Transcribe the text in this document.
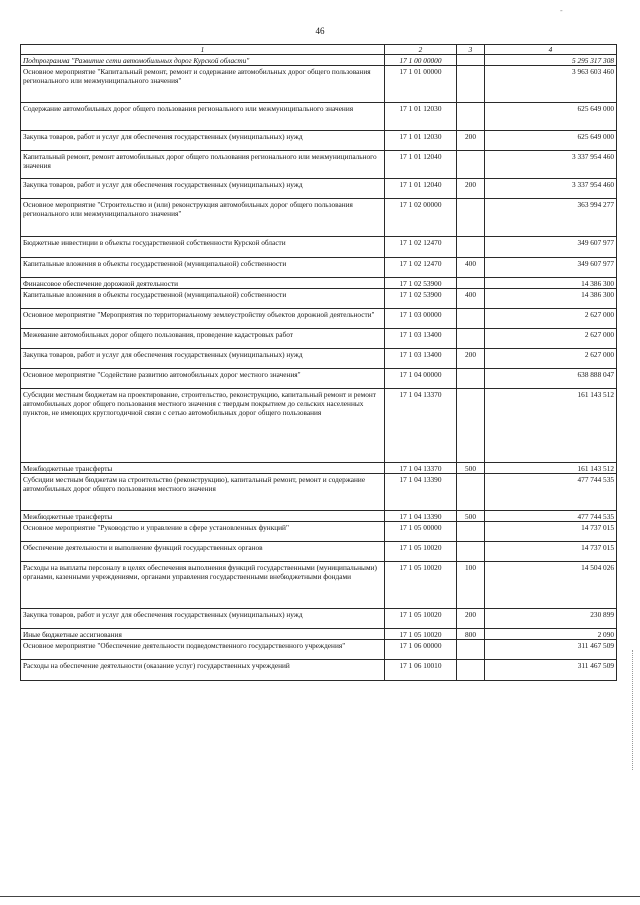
-
46
1	2	3	4
Подпрограмма "Развитие сети автомобильных дорог Курской области"	17 1 00 00000		5 295 317 308
Основное мероприятие "Капитальный ремонт, ремонт и содержание автомобильных дорог общего пользования регионального или межмуниципального значения"	17 1 01 00000		3 963 603 460
Содержание автомобильных дорог общего пользования регионального или межмуниципального значения	17 1 01 12030		625 649 000
Закупка товаров, работ и услуг для обеспечения государственных (муниципальных) нужд	17 1 01 12030	200	625 649 000
Капитальный ремонт, ремонт автомобильных дорог общего пользования регионального или межмуниципального значения	17 1 01 12040		3 337 954 460
Закупка товаров, работ и услуг для обеспечения государственных (муниципальных) нужд	17 1 01 12040	200	3 337 954 460
Основное мероприятие "Строительство и (или) реконструкция автомобильных дорог общего пользования регионального или межмуниципального значения"	17 1 02 00000		363 994 277
Бюджетные инвестиции в объекты государственной собственности Курской области	17 1 02 12470		349 607 977
Капитальные вложения в объекты государственной (муниципальной) собственности	17 1 02 12470	400	349 607 977
Финансовое обеспечение дорожной деятельности	17 1 02 53900		14 386 300
Капитальные вложения в объекты государственной (муниципальной) собственности	17 1 02 53900	400	14 386 300
Основное мероприятие "Мероприятия по территориальному землеустройству объектов дорожной деятельности"	17 1 03 00000		2 627 000
Межевание автомобильных дорог общего пользования, проведение кадастровых работ	17 1 03 13400		2 627 000
Закупка товаров, работ и услуг для обеспечения государственных (муниципальных) нужд	17 1 03 13400	200	2 627 000
Основное мероприятие "Содействие развитию автомобильных дорог местного значения"	17 1 04 00000		638 888 047
Субсидии местным бюджетам на проектирование, строительство, реконструкцию, капитальный ремонт и ремонт автомобильных дорог общего пользования местного значения с твердым покрытием до сельских населенных пунктов, не имеющих круглогодичной связи с сетью автомобильных дорог общего пользования	17 1 04 13370		161 143 512
Межбюджетные трансферты	17 1 04 13370	500	161 143 512
Субсидии местным бюджетам на строительство (реконструкцию), капитальный ремонт, ремонт и содержание автомобильных дорог общего пользования местного значения	17 1 04 13390		477 744 535
Межбюджетные трансферты	17 1 04 13390	500	477 744 535
Основное мероприятие "Руководство и управление в сфере установленных функций"	17 1 05 00000		14 737 015
Обеспечение деятельности и выполнение функций государственных органов	17 1 05 10020		14 737 015
Расходы на выплаты персоналу в целях обеспечения выполнения функций государственными (муниципальными) органами, казенными учреждениями, органами управления государственными внебюджетными фондами	17 1 05 10020	100	14 504 026
Закупка товаров, работ и услуг для обеспечения государственных (муниципальных) нужд	17 1 05 10020	200	230 899
Иные бюджетные ассигнования	17 1 05 10020	800	2 090
Основное мероприятие "Обеспечение деятельности подведомственного государственного учреждения"	17 1 06 00000		311 467 509
Расходы на обеспечение деятельности (оказание услуг) государственных учреждений	17 1 06 10010		311 467 509
